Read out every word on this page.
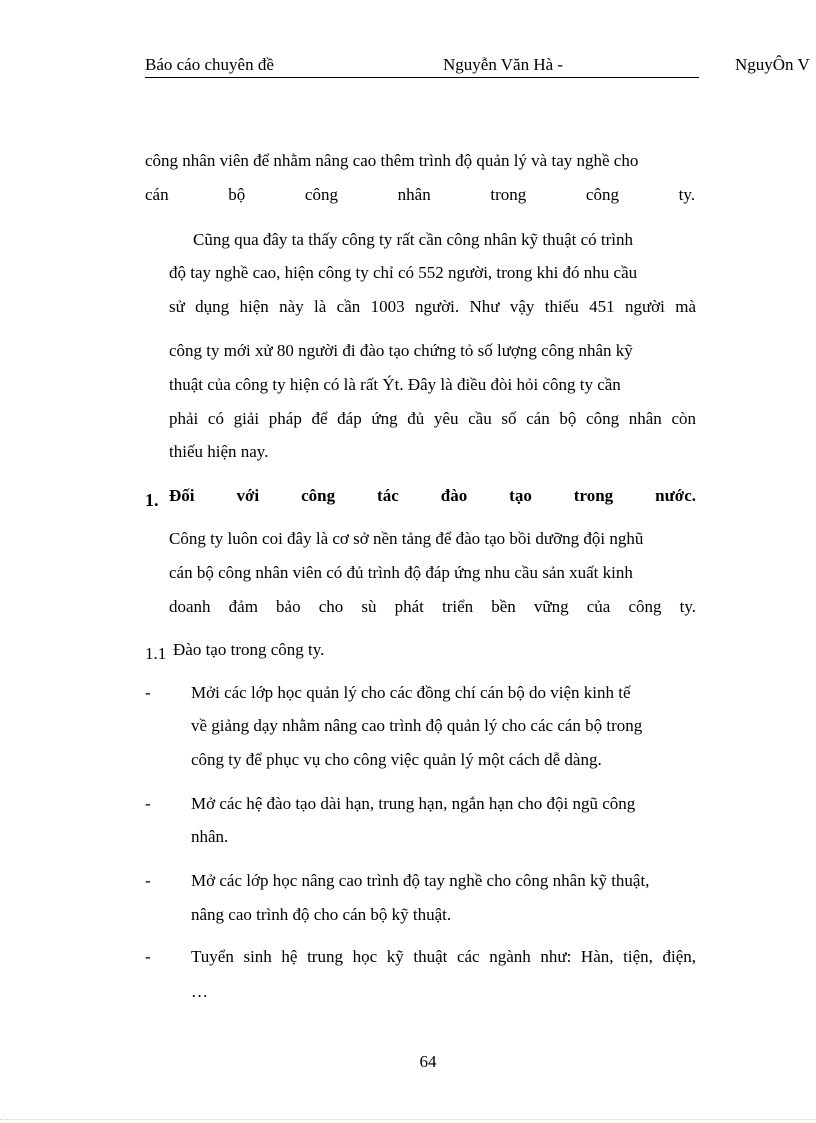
Báo cáo chuyên đề	Nguyễn Văn Hà -	NguyÔn V
công nhân viên để nhằm nâng cao thêm trình độ quản lý và tay nghề cho
cán bộ công nhân trong công ty.
Cũng qua đây ta thấy công ty rất cần công nhân kỹ thuật có trình
độ tay nghề cao, hiện công ty chỉ có 552 người, trong khi đó nhu cầu
sử dụng hiện này là cần 1003 người. Như vậy thiếu 451 người mà
công ty mới xử 80 người đi đào tạo chứng tỏ số lượng công nhân kỹ
thuật của công ty hiện có là rất Ýt. Đây là điều đòi hỏi công ty cần
phải có giải pháp để đáp ứng đủ yêu cầu số cán bộ công nhân còn
thiếu hiện nay.
1. Đối với công tác đào tạo trong nước.
Công ty luôn coi đây là cơ sở nền tảng để đào tạo bồi dưỡng đội nghũ
cán bộ công nhân viên có đủ trình độ đáp ứng nhu cầu sản xuất kinh
doanh đảm bảo cho sù phát triển bền vững của công ty.
1.1 Đào tạo trong công ty.
- Mởi các lớp học quản lý cho các đồng chí cán bộ do viện kinh tế
về giảng dạy nhằm nâng cao trình độ quản lý cho các cán bộ trong
công ty để phục vụ cho công việc quản lý một cách dễ dàng.
- Mở các hệ đào tạo dài hạn, trung hạn, ngắn hạn cho đội ngũ công
nhân.
- Mở các lớp học nâng cao trình độ tay nghề cho công nhân kỹ thuật,
nâng cao trình độ cho cán bộ kỹ thuật.
- Tuyển sinh hệ trung học kỹ thuật các ngành như: Hàn, tiện, điện,
…
64
